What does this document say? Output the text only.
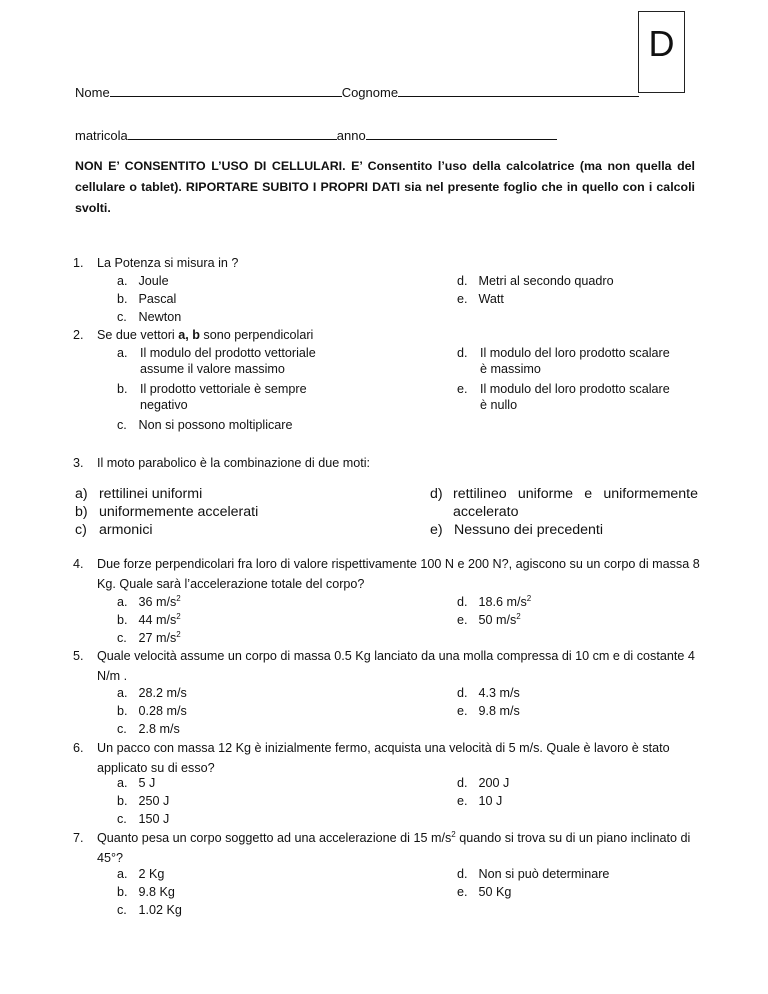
D
Nome	Cognome
matricola	anno
NON E’ CONSENTITO L’USO DI CELLULARI. E’ Consentito l’uso della calcolatrice (ma non quella del cellulare o tablet). RIPORTARE SUBITO I PROPRI DATI sia nel presente foglio che in quello con i calcoli svolti.
1. La Potenza si misura in ?
a. Joule
b. Pascal
c. Newton
d. Metri al secondo quadro
e. Watt
2. Se due vettori a, b sono perpendicolari
a. Il modulo del prodotto vettoriale assume il valore massimo
b. Il prodotto vettoriale è sempre negativo
c. Non si possono moltiplicare
d. Il modulo del loro prodotto scalare è massimo
e. Il modulo del loro prodotto scalare è nullo
3. Il moto parabolico è la combinazione di due moti:
a) rettilinei uniformi
b) uniformemente accelerati
c) armonici
d) rettilineo uniforme e uniformemente accelerato
e) Nessuno dei precedenti
4. Due forze perpendicolari fra loro di valore rispettivamente 100 N e 200 N?, agiscono su un corpo di massa 8 Kg. Quale sarà l’accelerazione totale del corpo?
a. 36 $m/s^2$
b. 44 $m/s^2$
c. 27 $m/s^2$
d. 18.6 $m/s^2$
e. 50 $m/s^2$
5. Quale velocità assume un corpo di massa 0.5 Kg lanciato da una molla compressa di 10 cm e di costante 4 N/m .
a. 28.2 m/s
b. 0.28 m/s
c. 2.8 m/s
d. 4.3 m/s
e. 9.8 m/s
6. Un pacco con massa 12 Kg è inizialmente fermo, acquista una velocità di 5 m/s. Quale è lavoro è stato applicato su di esso?
a. 5 J
b. 250 J
c. 150 J
d. 200 J
e. 10 J
7. Quanto pesa un corpo soggetto ad una accelerazione di 15 $m/s^2$ quando si trova su di un piano inclinato di 45°?
a. 2 Kg
b. 9.8 Kg
c. 1.02 Kg
d. Non si può determinare
e. 50 Kg
